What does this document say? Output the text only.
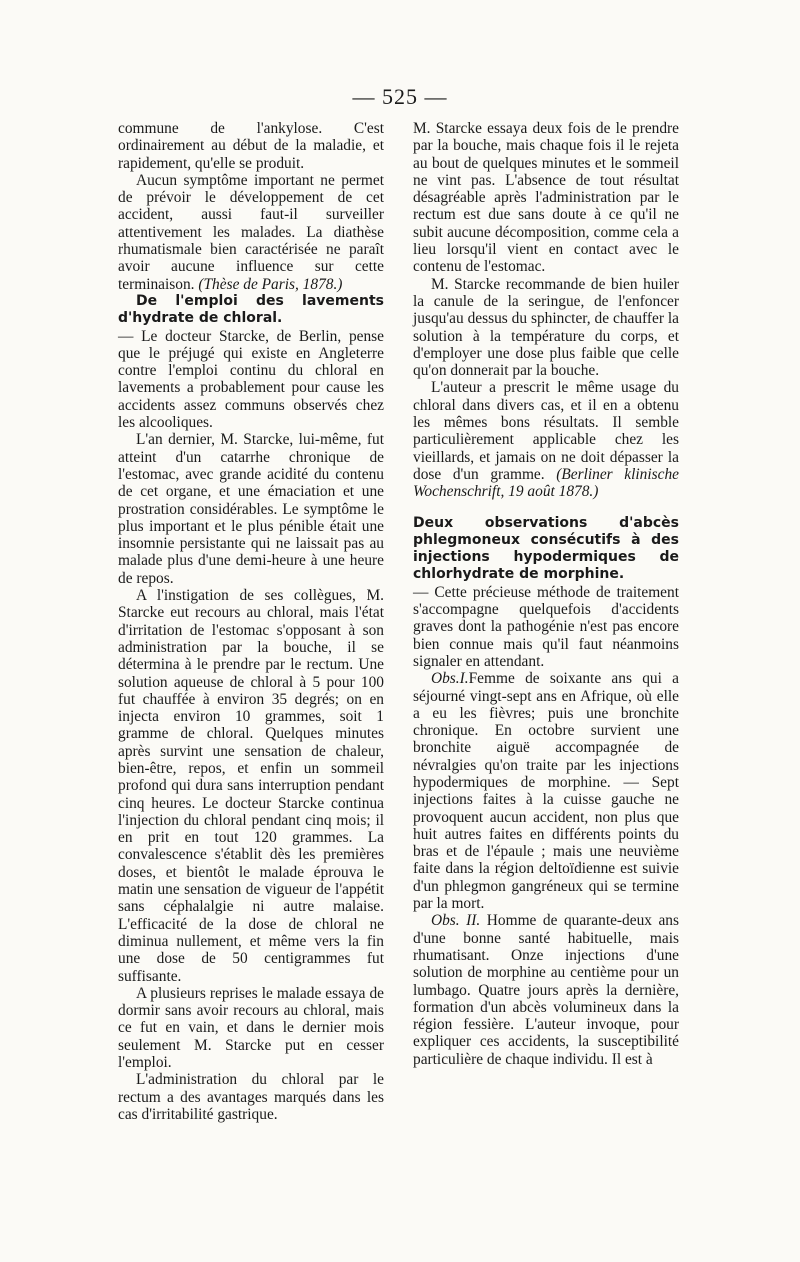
— 525 —

commune de l'ankylose. C'est ordinairement au début de la maladie, et rapidement, qu'elle se produit.

Aucun symptôme important ne permet de prévoir le développement de cet accident, aussi faut-il surveiller attentivement les malades. La diathèse rhumatismale bien caractérisée ne paraît avoir aucune influence sur cette terminaison. (Thèse de Paris, 1878.)

De l'emploi des lavements d'hydrate de chloral.

— Le docteur Starcke, de Berlin, pense que le préjugé qui existe en Angleterre contre l'emploi continu du chloral en lavements a probablement pour cause les accidents assez communs observés chez les alcooliques.

L'an dernier, M. Starcke, lui-même, fut atteint d'un catarrhe chronique de l'estomac, avec grande acidité du contenu de cet organe, et une émaciation et une prostration considérables. Le symptôme le plus important et le plus pénible était une insomnie persistante qui ne laissait pas au malade plus d'une demi-heure à une heure de repos.

A l'instigation de ses collègues, M. Starcke eut recours au chloral, mais l'état d'irritation de l'estomac s'opposant à son administration par la bouche, il se détermina à le prendre par le rectum. Une solution aqueuse de chloral à 5 pour 100 fut chauffée à environ 35 degrés; on en injecta environ 10 grammes, soit 1 gramme de chloral. Quelques minutes après survint une sensation de chaleur, bien-être, repos, et enfin un sommeil profond qui dura sans interruption pendant cinq heures. Le docteur Starcke continua l'injection du chloral pendant cinq mois; il en prit en tout 120 grammes. La convalescence s'établit dès les premières doses, et bientôt le malade éprouva le matin une sensation de vigueur de l'appétit sans céphalalgie ni autre malaise. L'efficacité de la dose de chloral ne diminua nullement, et même vers la fin une dose de 50 centigrammes fut suffisante.

A plusieurs reprises le malade essaya de dormir sans avoir recours au chloral, mais ce fut en vain, et dans le dernier mois seulement M. Starcke put en cesser l'emploi.

L'administration du chloral par le rectum a des avantages marqués dans les cas d'irritabilité gastrique.

M. Starcke essaya deux fois de le prendre par la bouche, mais chaque fois il le rejeta au bout de quelques minutes et le sommeil ne vint pas. L'absence de tout résultat désagréable après l'administration par le rectum est due sans doute à ce qu'il ne subit aucune décomposition, comme cela a lieu lorsqu'il vient en contact avec le contenu de l'estomac.

M. Starcke recommande de bien huiler la canule de la seringue, de l'enfoncer jusqu'au dessus du sphincter, de chauffer la solution à la température du corps, et d'employer une dose plus faible que celle qu'on donnerait par la bouche.

L'auteur a prescrit le même usage du chloral dans divers cas, et il en a obtenu les mêmes bons résultats. Il semble particulièrement applicable chez les vieillards, et jamais on ne doit dépasser la dose d'un gramme. (Berliner klinische Wochenschrift, 19 août 1878.)

Deux observations d'abcès phlegmoneux consécutifs à des injections hypodermiques de chlorhydrate de morphine.

— Cette précieuse méthode de traitement s'accompagne quelquefois d'accidents graves dont la pathogénie n'est pas encore bien connue mais qu'il faut néanmoins signaler en attendant.

Obs.I.Femme de soixante ans qui a séjourné vingt-sept ans en Afrique, où elle a eu les fièvres; puis une bronchite chronique. En octobre survient une bronchite aiguë accompagnée de névralgies qu'on traite par les injections hypodermiques de morphine. — Sept injections faites à la cuisse gauche ne provoquent aucun accident, non plus que huit autres faites en différents points du bras et de l'épaule ; mais une neuvième faite dans la région deltoïdienne est suivie d'un phlegmon gangréneux qui se termine par la mort.

Obs. II. Homme de quarante-deux ans d'une bonne santé habituelle, mais rhumatisant. Onze injections d'une solution de morphine au centième pour un lumbago. Quatre jours après la dernière, formation d'un abcès volumineux dans la région fessière. L'auteur invoque, pour expliquer ces accidents, la susceptibilité particulière de chaque individu. Il est à
